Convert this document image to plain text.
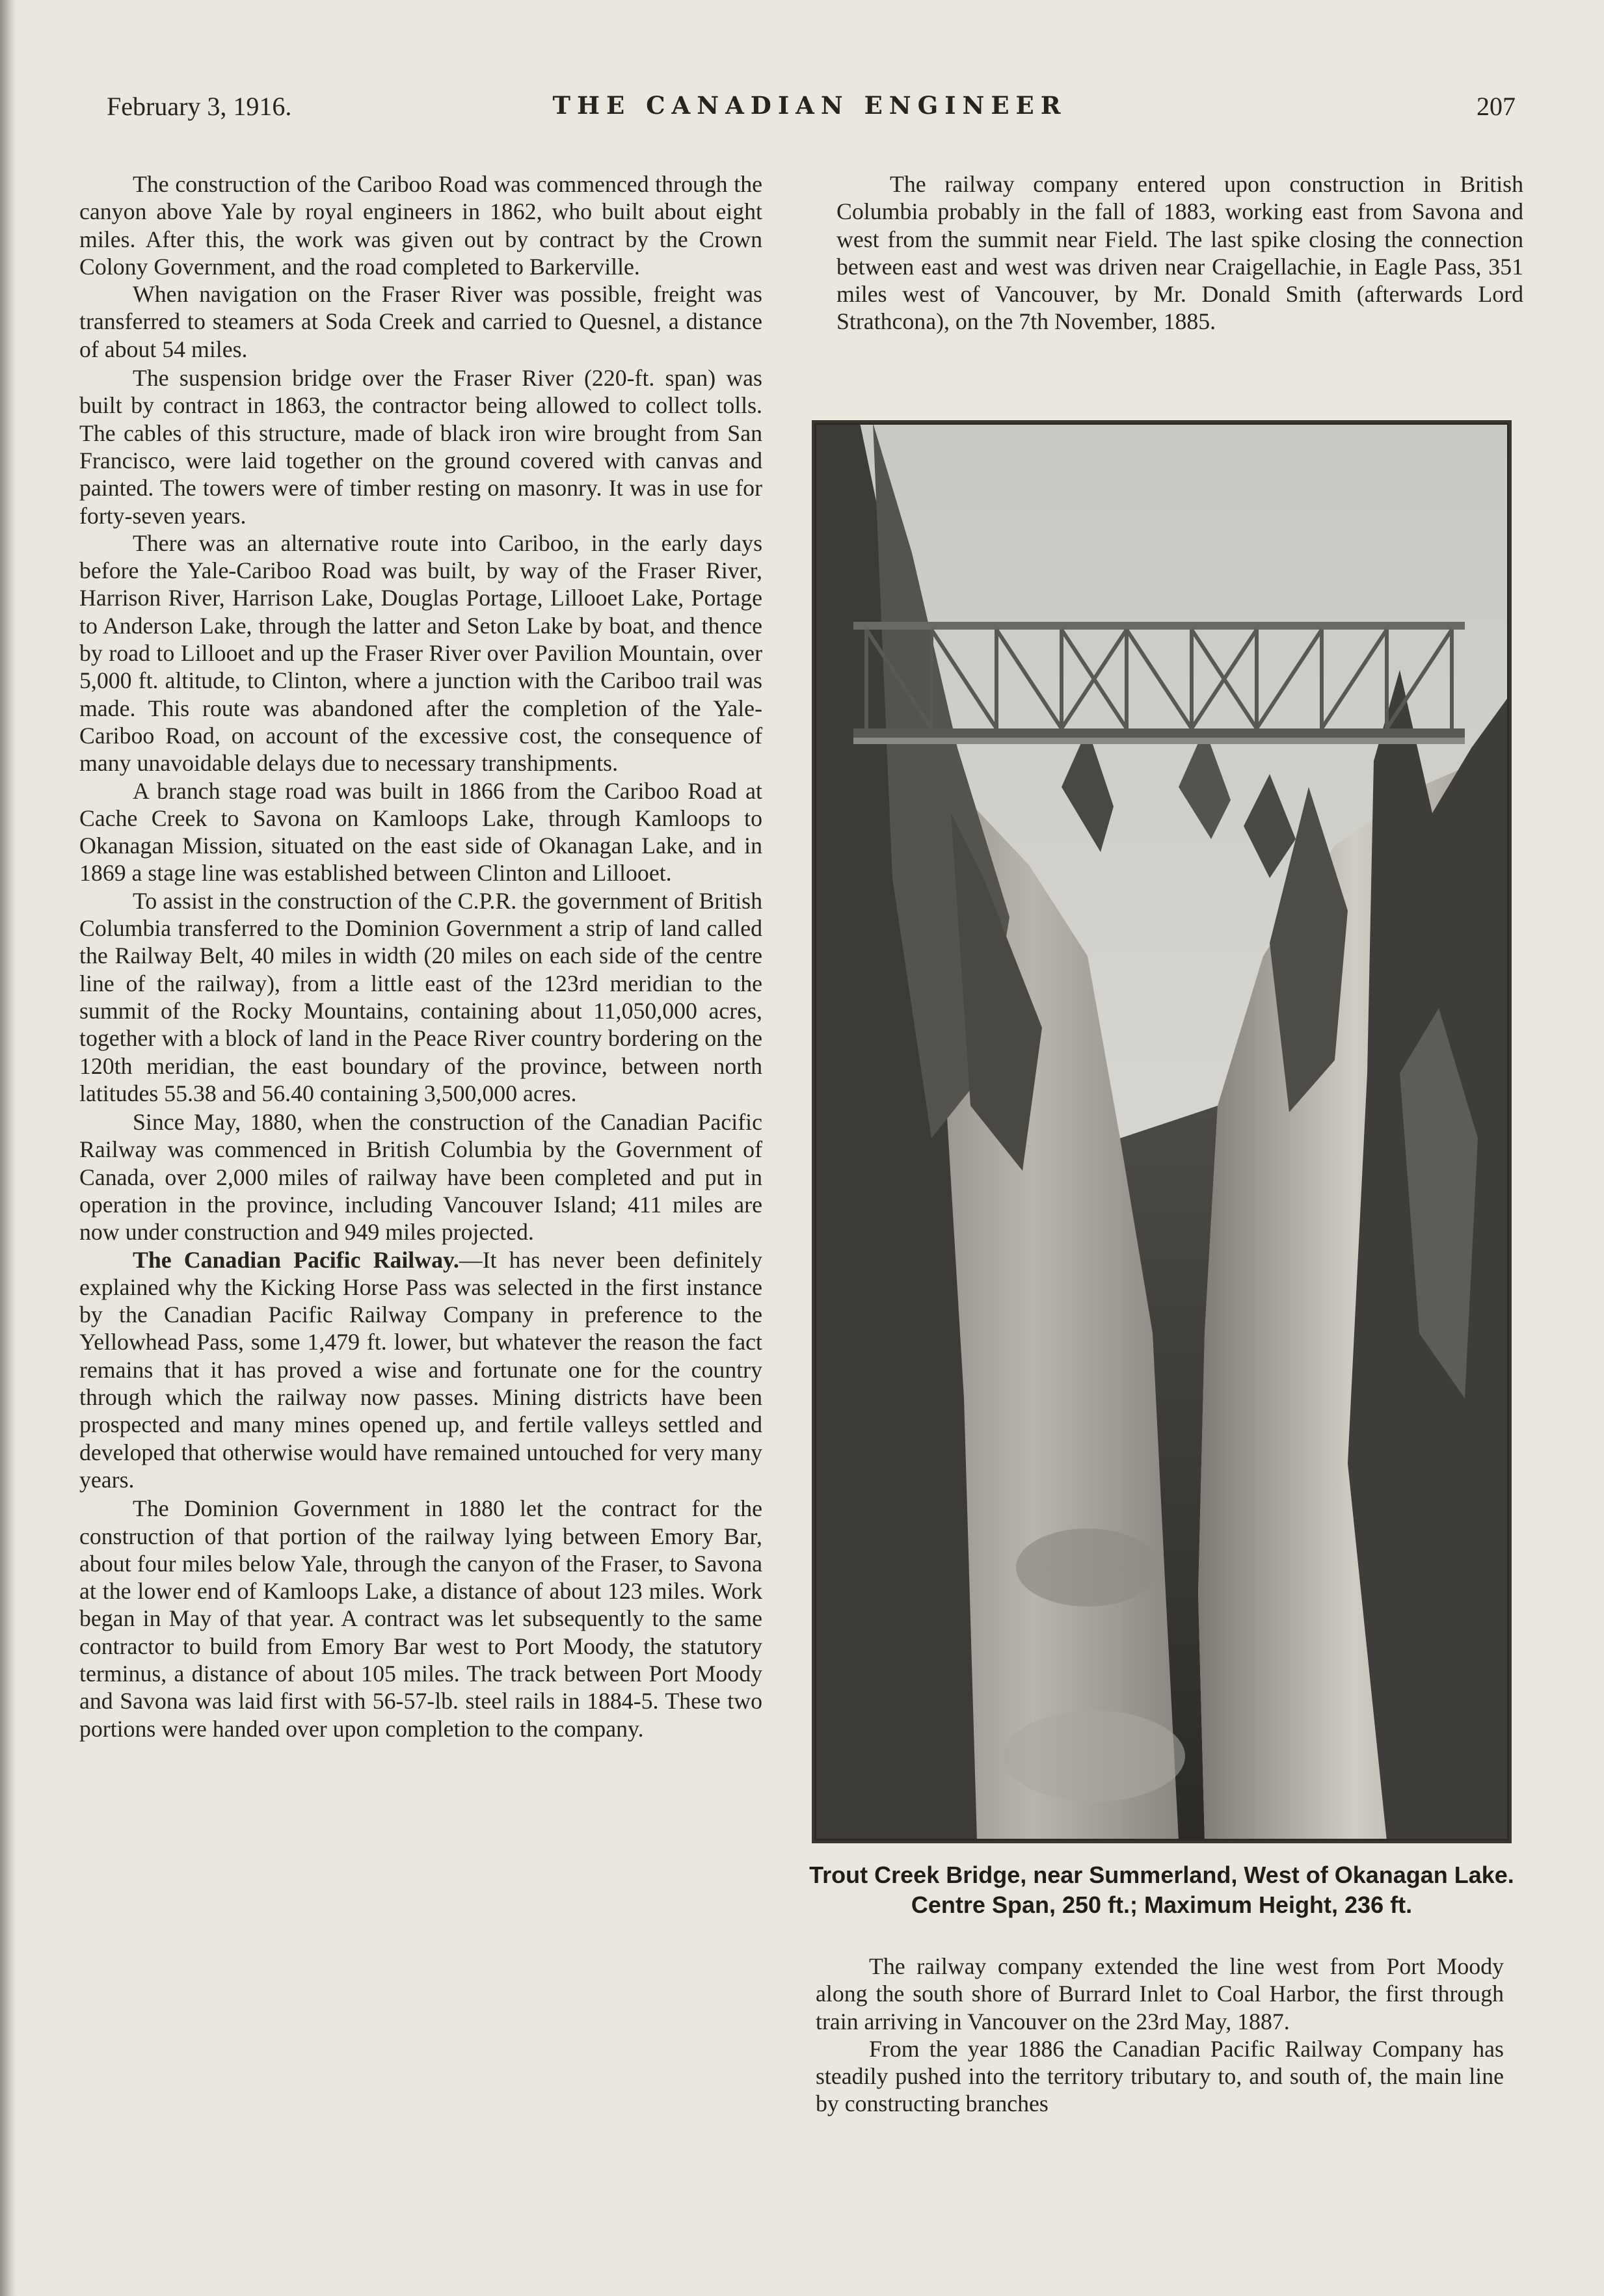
February 3, 1916.	THE CANADIAN ENGINEER	207

The construction of the Cariboo Road was commenced through the canyon above Yale by royal engineers in 1862, who built about eight miles. After this, the work was given out by contract by the Crown Colony Government, and the road completed to Barkerville.

When navigation on the Fraser River was possible, freight was transferred to steamers at Soda Creek and carried to Quesnel, a distance of about 54 miles.

The suspension bridge over the Fraser River (220-ft. span) was built by contract in 1863, the contractor being allowed to collect tolls. The cables of this structure, made of black iron wire brought from San Francisco, were laid together on the ground covered with canvas and painted. The towers were of timber resting on masonry. It was in use for forty-seven years.

There was an alternative route into Cariboo, in the early days before the Yale-Cariboo Road was built, by way of the Fraser River, Harrison River, Harrison Lake, Douglas Portage, Lillooet Lake, Portage to Anderson Lake, through the latter and Seton Lake by boat, and thence by road to Lillooet and up the Fraser River over Pavilion Mountain, over 5,000 ft. altitude, to Clinton, where a junction with the Cariboo trail was made. This route was abandoned after the completion of the Yale-Cariboo Road, on account of the excessive cost, the consequence of many unavoidable delays due to necessary transhipments.

A branch stage road was built in 1866 from the Cariboo Road at Cache Creek to Savona on Kamloops Lake, through Kamloops to Okanagan Mission, situated on the east side of Okanagan Lake, and in 1869 a stage line was established between Clinton and Lillooet.

To assist in the construction of the C.P.R. the government of British Columbia transferred to the Dominion Government a strip of land called the Railway Belt, 40 miles in width (20 miles on each side of the centre line of the railway), from a little east of the 123rd meridian to the summit of the Rocky Mountains, containing about 11,050,000 acres, together with a block of land in the Peace River country bordering on the 120th meridian, the east boundary of the province, between north latitudes 55.38 and 56.40 containing 3,500,000 acres.

Since May, 1880, when the construction of the Canadian Pacific Railway was commenced in British Columbia by the Government of Canada, over 2,000 miles of railway have been completed and put in operation in the province, including Vancouver Island; 411 miles are now under construction and 949 miles projected.

The Canadian Pacific Railway.—It has never been definitely explained why the Kicking Horse Pass was selected in the first instance by the Canadian Pacific Railway Company in preference to the Yellowhead Pass, some 1,479 ft. lower, but whatever the reason the fact remains that it has proved a wise and fortunate one for the country through which the railway now passes. Mining districts have been prospected and many mines opened up, and fertile valleys settled and developed that otherwise would have remained untouched for very many years.

The Dominion Government in 1880 let the contract for the construction of that portion of the railway lying between Emory Bar, about four miles below Yale, through the canyon of the Fraser, to Savona at the lower end of Kamloops Lake, a distance of about 123 miles. Work began in May of that year. A contract was let subsequently to the same contractor to build from Emory Bar west to Port Moody, the statutory terminus, a distance of about 105 miles. The track between Port Moody and Savona was laid first with 56-57-lb. steel rails in 1884-5. These two portions were handed over upon completion to the company.

The railway company entered upon construction in British Columbia probably in the fall of 1883, working east from Savona and west from the summit near Field. The last spike closing the connection between east and west was driven near Craigellachie, in Eagle Pass, 351 miles west of Vancouver, by Mr. Donald Smith (afterwards Lord Strathcona), on the 7th November, 1885.

Trout Creek Bridge, near Summerland, West of Okanagan Lake. Centre Span, 250 ft.; Maximum Height, 236 ft.

The railway company extended the line west from Port Moody along the south shore of Burrard Inlet to Coal Harbor, the first through train arriving in Vancouver on the 23rd May, 1887.

From the year 1886 the Canadian Pacific Railway Company has steadily pushed into the territory tributary to, and south of, the main line by constructing branches
